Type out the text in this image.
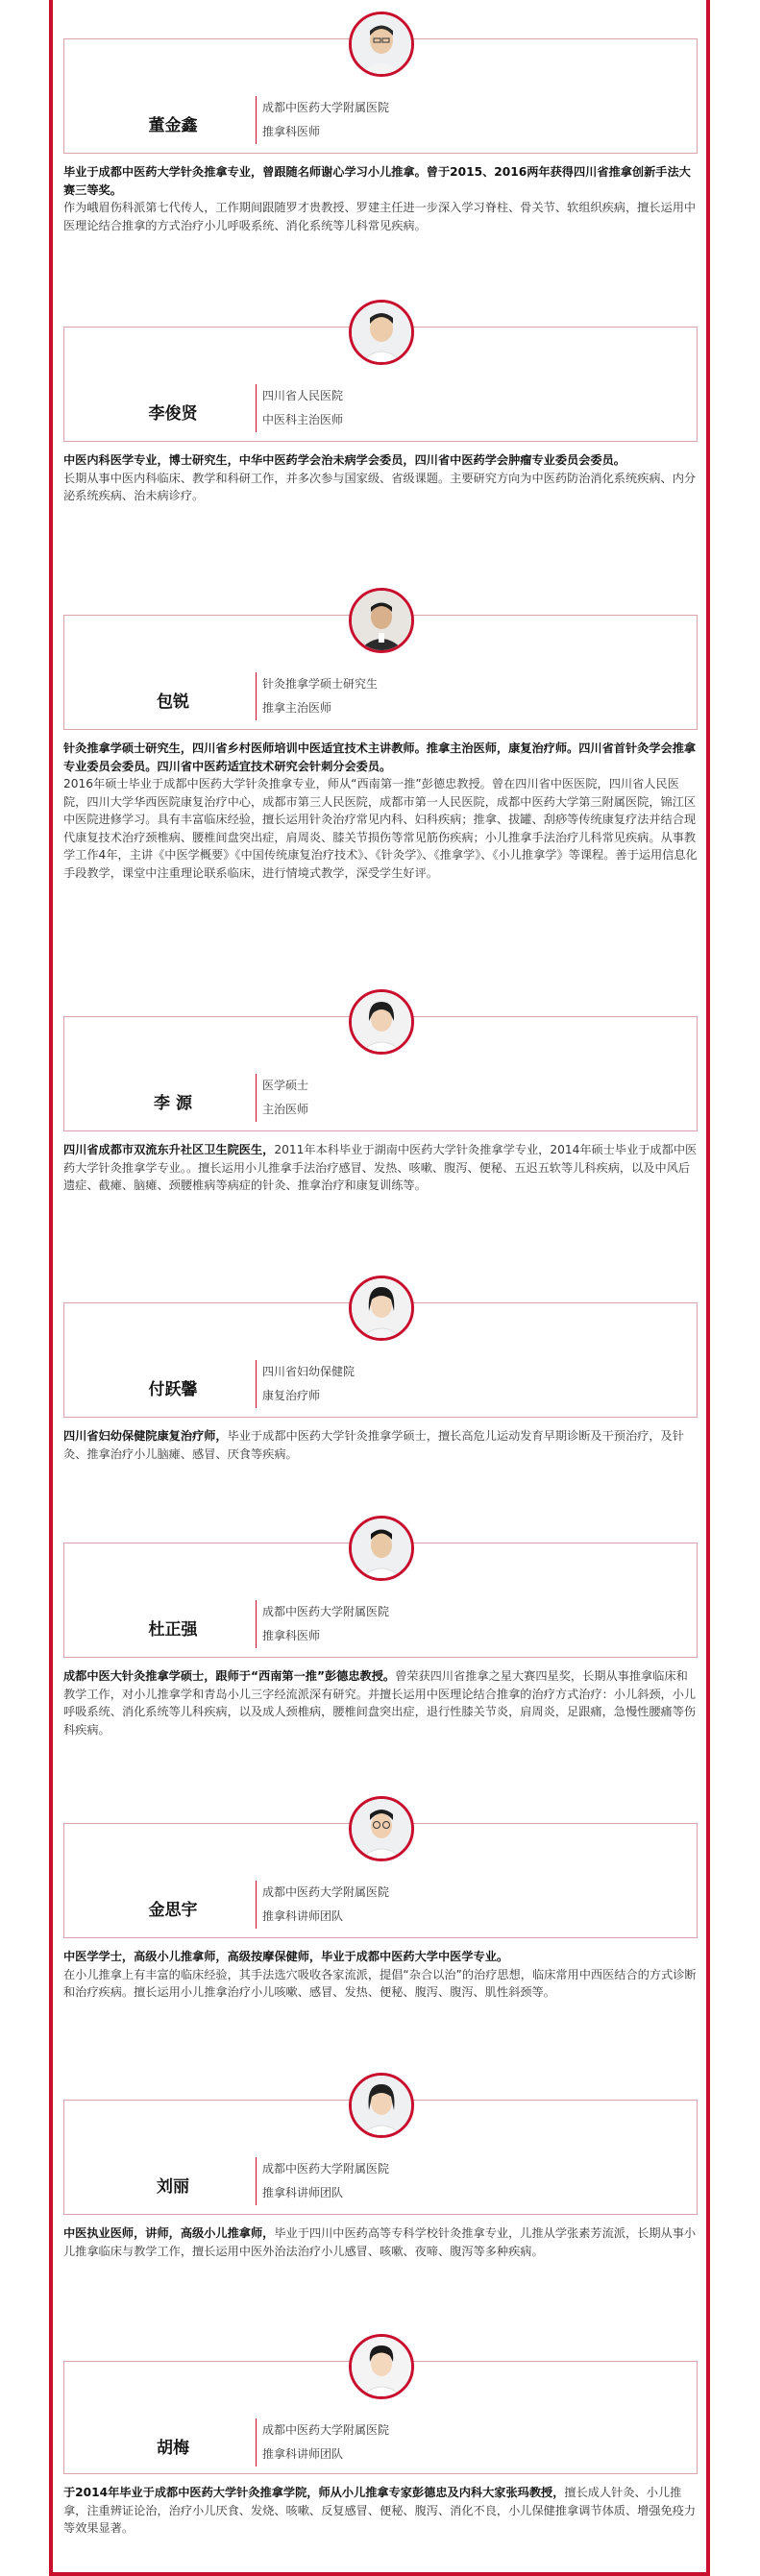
董金鑫
成都中医药大学附属医院
推拿科医师
毕业于成都中医药大学针灸推拿专业，曾跟随名师谢心学习小儿推拿。曾于2015、2016两年获得四川省推拿创新手法大赛三等奖。

作为峨眉伤科派第七代传人，工作期间跟随罗才贵教授、罗建主任进一步深入学习脊柱、骨关节、软组织疾病，擅长运用中医理论结合推拿的方式治疗小儿呼吸系统、消化系统等儿科常见疾病。

李俊贤
四川省人民医院
中医科主治医师
中医内科医学专业，博士研究生，中华中医药学会治未病学会委员，四川省中医药学会肿瘤专业委员会委员。

长期从事中医内科临床、教学和科研工作，并多次参与国家级、省级课题。主要研究方向为中医药防治消化系统疾病、内分泌系统疾病、治未病诊疗。

包锐
针灸推拿学硕士研究生
推拿主治医师
针灸推拿学硕士研究生，四川省乡村医师培训中医适宜技术主讲教师。推拿主治医师，康复治疗师。四川省首针灸学会推拿专业委员会委员。四川省中医药适宜技术研究会针刺分会委员。

2016年硕士毕业于成都中医药大学针灸推拿专业，师从“西南第一推”彭德忠教授。曾在四川省中医医院，四川省人民医院，四川大学华西医院康复治疗中心，成都市第三人民医院，成都市第一人民医院，成都中医药大学第三附属医院，锦江区中医院进修学习。具有丰富临床经验，擅长运用针灸治疗常见内科、妇科疾病；推拿、拔罐、刮痧等传统康复疗法并结合现代康复技术治疗颈椎病、腰椎间盘突出症，肩周炎、膝关节损伤等常见筋伤疾病；小儿推拿手法治疗儿科常见疾病。从事教学工作4年，主讲《中医学概要》《中国传统康复治疗技术》、《针灸学》、《推拿学》、《小儿推拿学》等课程。善于运用信息化手段教学，课堂中注重理论联系临床，进行情境式教学，深受学生好评。

李 源
医学硕士
主治医师
四川省成都市双流东升社区卫生院医生，2011年本科毕业于湖南中医药大学针灸推拿学专业，2014年硕士毕业于成都中医药大学针灸推拿学专业。。擅长运用小儿推拿手法治疗感冒、发热、咳嗽、腹泻、便秘、五迟五软等儿科疾病，以及中风后遗症、截瘫、脑瘫、颈腰椎病等病症的针灸、推拿治疗和康复训练等。
付跃馨
四川省妇幼保健院
康复治疗师
四川省妇幼保健院康复治疗师，毕业于成都中医药大学针灸推拿学硕士，擅长高危儿运动发育早期诊断及干预治疗，及针灸、推拿治疗小儿脑瘫、感冒、厌食等疾病。
杜正强
成都中医药大学附属医院
推拿科医师
成都中医大针灸推拿学硕士，跟师于“西南第一推”彭德忠教授。曾荣获四川省推拿之星大赛四星奖，长期从事推拿临床和教学工作，对小儿推拿学和青岛小儿三字经流派深有研究。并擅长运用中医理论结合推拿的治疗方式治疗：小儿斜颈，小儿呼吸系统、消化系统等儿科疾病，以及成人颈椎病，腰椎间盘突出症，退行性膝关节炎，肩周炎，足跟痛，急慢性腰痛等伤科疾病。
金思宇
成都中医药大学附属医院
推拿科讲师团队
中医学学士，高级小儿推拿师，高级按摩保健师，毕业于成都中医药大学中医学专业。

在小儿推拿上有丰富的临床经验，其手法选穴吸收各家流派，提倡“杂合以治”的治疗思想，临床常用中西医结合的方式诊断和治疗疾病。擅长运用小儿推拿治疗小儿咳嗽、感冒、发热、便秘、腹泻、腹泻、肌性斜颈等。

刘丽
成都中医药大学附属医院
推拿科讲师团队
中医执业医师，讲师，高级小儿推拿师，毕业于四川中医药高等专科学校针灸推拿专业，儿推从学张素芳流派，长期从事小儿推拿临床与教学工作，擅长运用中医外治法治疗小儿感冒、咳嗽、夜啼、腹泻等多种疾病。
胡梅
成都中医药大学附属医院
推拿科讲师团队
于2014年毕业于成都中医药大学针灸推拿学院，师从小儿推拿专家彭德忠及内科大家张玛教授，擅长成人针灸、小儿推拿，注重辨证论治，治疗小儿厌食、发烧、咳嗽、反复感冒、便秘、腹泻、消化不良，小儿保健推拿调节体质、增强免疫力等效果显著。
